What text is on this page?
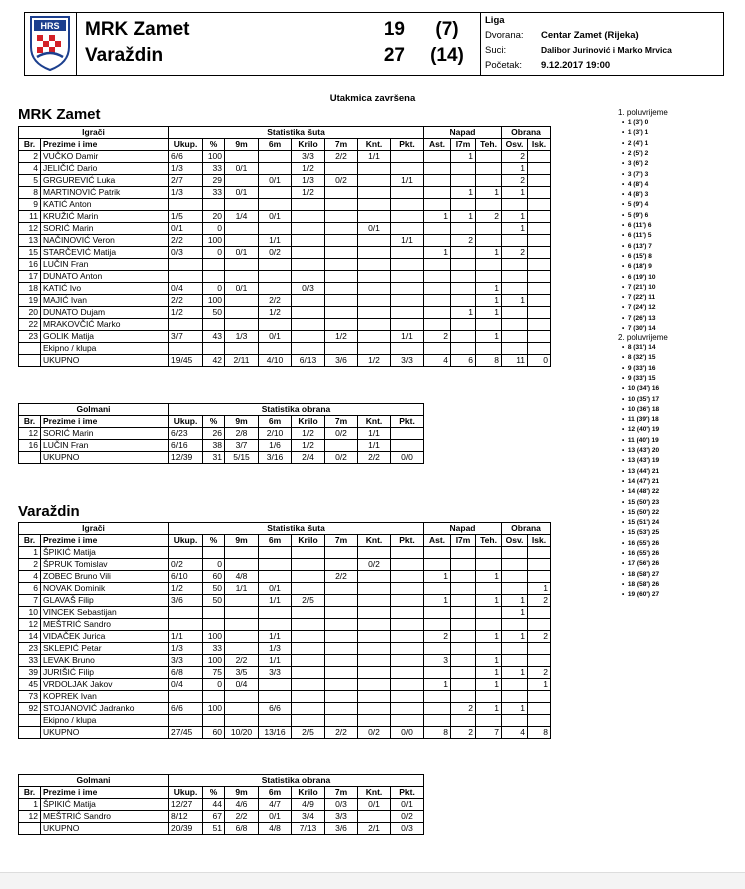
HRS MRK Zamet	19	(7)
Varaždin	27	(14)
Liga
Dvorana: Centar Zamet (Rijeka)
Suci:	Dalibor Jurinović i Marko Mrvica
Početak: 9.12.2017 19:00
Utakmica završena
MRK Zamet
Varaždin
Igrači		Statistika šuta								Napad			Obrana	
Br.	Prezime i ime	Ukup.	%	9m	6m	Krilo	7m	Knt.	Pkt.	Ast.	I7m	Teh.	Osv.	Isk.
2	VUČKO Damir	6/6	100			3/3	2/2	1/1			1		2	
4	JELIČIĆ Dario	1/3	33	0/1		1/2							1	
5	GRGUREVIĆ Luka	2/7	29		0/1	1/3	0/2		1/1				2	
8	MARTINOVIĆ Patrik	1/3	33	0/1		1/2					1	1	1	
9	KATIĆ Anton													
11	KRUŽIĆ Marin	1/5	20	1/4	0/1					1	1	2	1	
12	SORIĆ Marin	0/1	0					0/1					1	
13	NAČINOVIĆ Veron	2/2	100		1/1				1/1		2			
15	STARČEVIĆ Matija	0/3	0	0/1	0/2					1		1	2	
16	LUČIN Fran													
17	DUNATO Anton													
18	KATIĆ Ivo	0/4	0	0/1		0/3						1		
19	MAJIĆ Ivan	2/2	100		2/2							1	1	
20	DUNATO Dujam	1/2	50		1/2						1	1		
22	MRAKOVČIĆ Marko													
23	GOLIK Matija	3/7	43	1/3	0/1		1/2		1/1	2		1		
	Ekipno / klupa													
	UKUPNO	19/45	42	2/11	4/10	6/13	3/6	1/2	3/3	4	6	8	11	0
Golmani		Statistika obrana							
Br.	Prezime i ime	Ukup.	%	9m	6m	Krilo	7m	Knt.	Pkt.
12	SORIĆ Marin	6/23	26	2/8	2/10	1/2	0/2	1/1	
16	LUČIN Fran	6/16	38	3/7	1/6	1/2		1/1	
	UKUPNO	12/39	31	5/15	3/16	2/4	0/2	2/2	0/0
Igrači		Statistika šuta								Napad			Obrana	
Br.	Prezime i ime	Ukup.	%	9m	6m	Krilo	7m	Knt.	Pkt.	Ast.	I7m	Teh.	Osv.	Isk.
1	ŠPIKIĆ Matija													
2	ŠPRUK Tomislav	0/2	0					0/2						
4	ZOBEC Bruno Vili	6/10	60	4/8			2/2			1		1		
6	NOVAK Dominik	1/2	50	1/1	0/1									1
7	GLAVAŠ Filip	3/6	50		1/1	2/5				1		1	1	2
10	VINCEK Sebastijan												1	
12	MEŠTRIĆ Sandro													
14	VIDAČEK Jurica	1/1	100		1/1					2		1	1	2
23	SKLEPIĆ Petar	1/3	33		1/3									
33	LEVAK Bruno	3/3	100	2/2	1/1					3		1		
39	JURIŠIĆ Filip	6/8	75	3/5	3/3							1	1	2
45	VRDOLJAK Jakov	0/4	0	0/4						1		1		1
73	KOPREK Ivan													
92	STOJANOVIĆ Jadranko	6/6	100		6/6						2	1	1	
	Ekipno / klupa													
	UKUPNO	27/45	60	10/20	13/16	2/5	2/2	0/2	0/0	8	2	7	4	8
Golmani		Statistika obrana							
Br.	Prezime i ime	Ukup.	%	9m	6m	Krilo	7m	Knt.	Pkt.
1	ŠPIKIĆ Matija	12/27	44	4/6	4/7	4/9	0/3	0/1	0/1
12	MEŠTRIĆ Sandro	8/12	67	2/2	0/1	3/4	3/3		0/2
	UKUPNO	20/39	51	6/8	4/8	7/13	3/6	2/1	0/3
1. poluvrijeme
2. poluvrijeme
•  1 (3') 0
•  1 (3') 1
•  2 (4') 1
•  2 (5') 2
•  3 (6') 2
•  3 (7') 3
•  4 (8') 4
•  4 (8') 3
•  5 (9') 4
•  5 (9') 6
•  6 (11') 6
•  6 (11') 5
•  6 (13') 7
•  6 (15') 8
•  6 (18') 9
•  6 (19') 10
•  7 (21') 10
•  7 (22') 11
•  7 (24') 12
•  7 (26') 13
•  7 (30') 14
•  8 (31') 14
•  8 (32') 15
•  9 (33') 16
•  9 (33') 15
•  10 (34') 16
•  10 (35') 17
•  10 (36') 18
•  11 (39') 18
•  12 (40') 19
•  11 (40') 19
•  13 (43') 20
•  13 (43') 19
•  13 (44') 21
•  14 (47') 21
•  14 (48') 22
•  15 (50') 23
•  15 (50') 22
•  15 (51') 24
•  15 (53') 25
•  16 (55') 26
•  16 (55') 26
•  17 (56') 26
•  18 (58') 27
•  18 (58') 26
•  19 (60') 27
